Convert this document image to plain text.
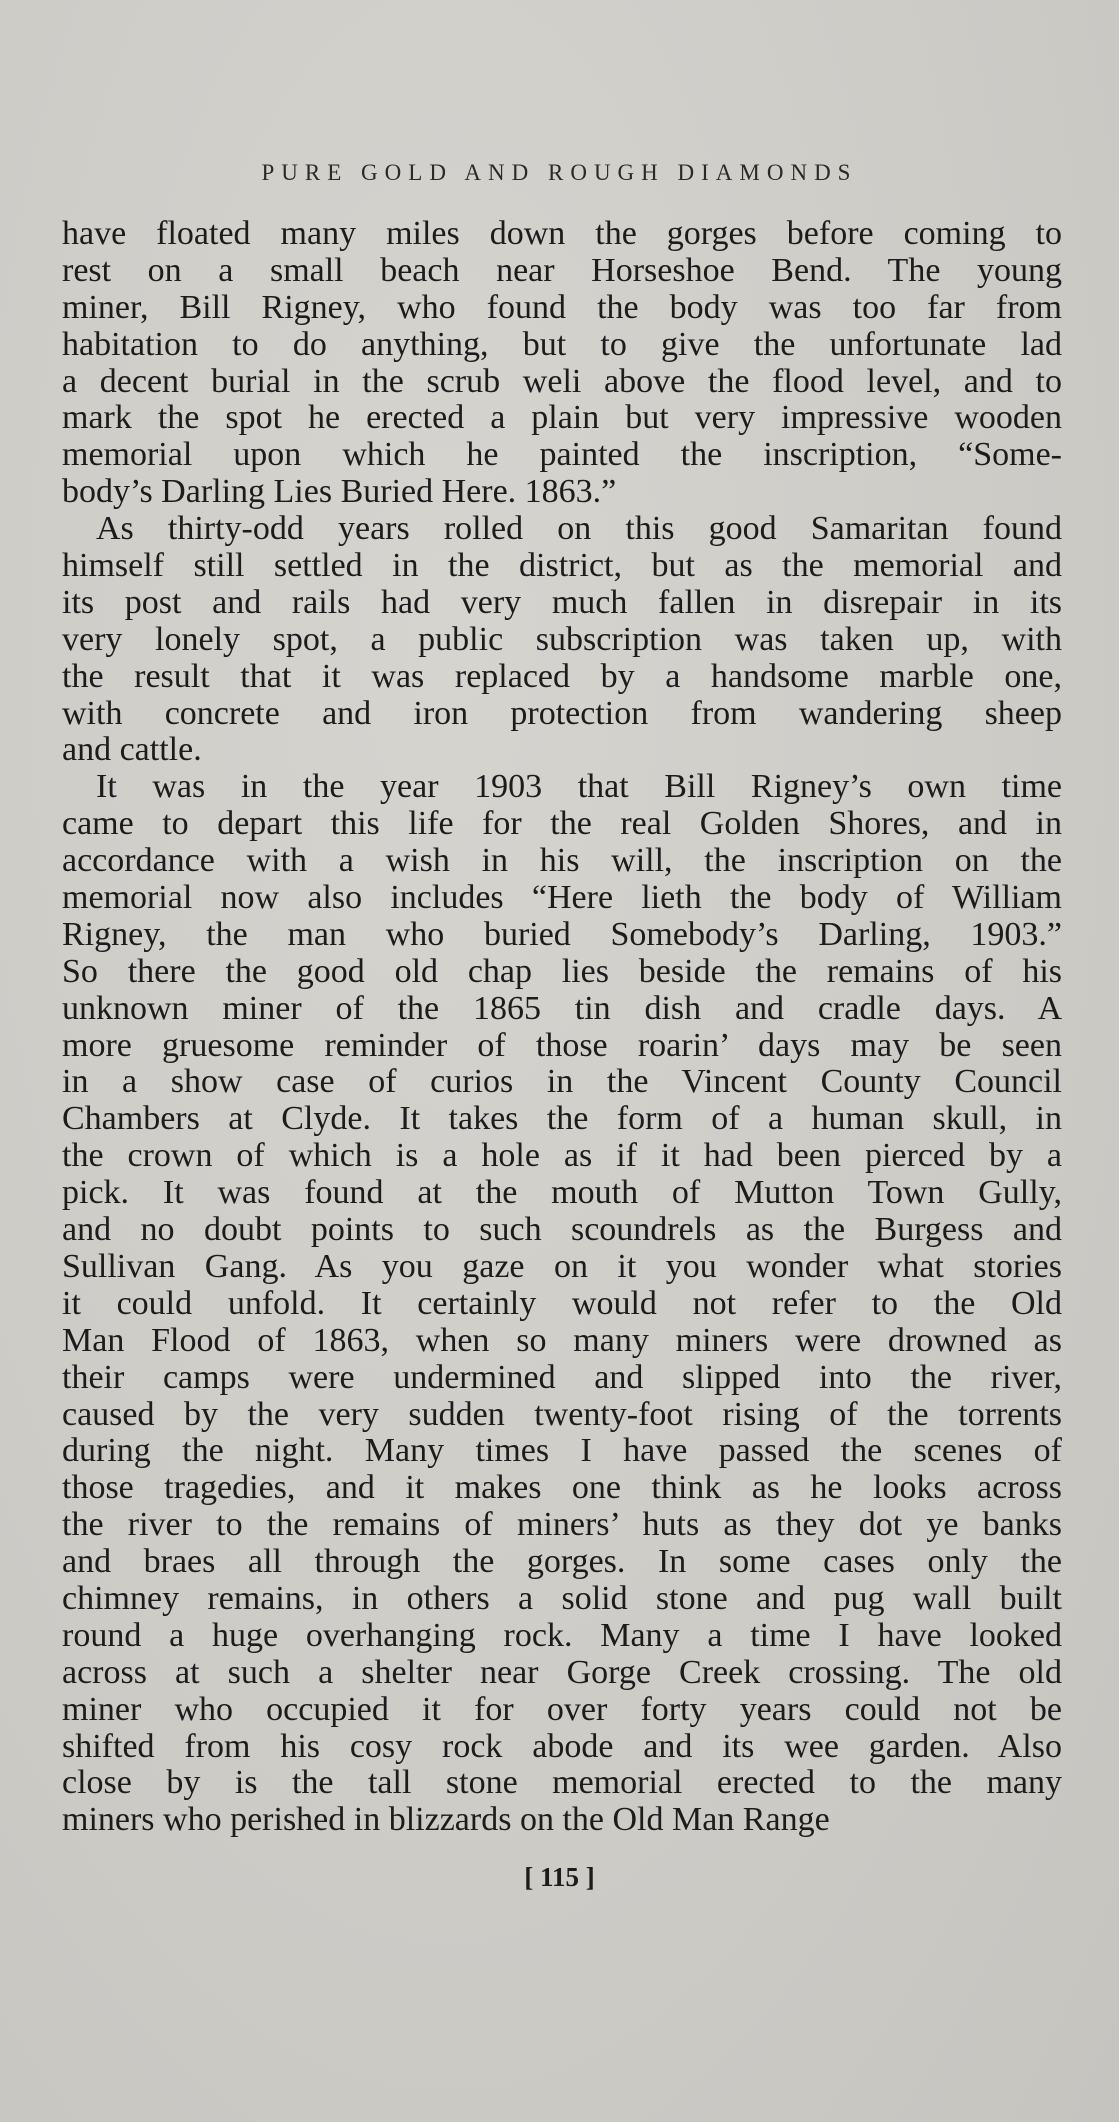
PURE GOLD AND ROUGH DIAMONDS
have floated many miles down the gorges before coming to
rest on a small beach near Horseshoe Bend. The young
miner, Bill Rigney, who found the body was too far from
habitation to do anything, but to give the unfortunate lad
a decent burial in the scrub weli above the flood level, and to
mark the spot he erected a plain but very impressive wooden
memorial upon which he painted the inscription, “Some-
body’s Darling Lies Buried Here. 1863.”
As thirty-odd years rolled on this good Samaritan found
himself still settled in the district, but as the memorial and
its post and rails had very much fallen in disrepair in its
very lonely spot, a public subscription was taken up, with
the result that it was replaced by a handsome marble one,
with concrete and iron protection from wandering sheep
and cattle.
It was in the year 1903 that Bill Rigney’s own time
came to depart this life for the real Golden Shores, and in
accordance with a wish in his will, the inscription on the
memorial now also includes “Here lieth the body of William
Rigney, the man who buried Somebody’s Darling, 1903.”
So there the good old chap lies beside the remains of his
unknown miner of the 1865 tin dish and cradle days. A
more gruesome reminder of those roarin’ days may be seen
in a show case of curios in the Vincent County Council
Chambers at Clyde. It takes the form of a human skull, in
the crown of which is a hole as if it had been pierced by a
pick. It was found at the mouth of Mutton Town Gully,
and no doubt points to such scoundrels as the Burgess and
Sullivan Gang. As you gaze on it you wonder what stories
it could unfold. It certainly would not refer to the Old
Man Flood of 1863, when so many miners were drowned as
their camps were undermined and slipped into the river,
caused by the very sudden twenty-foot rising of the torrents
during the night. Many times I have passed the scenes of
those tragedies, and it makes one think as he looks across
the river to the remains of miners’ huts as they dot ye banks
and braes all through the gorges. In some cases only the
chimney remains, in others a solid stone and pug wall built
round a huge overhanging rock. Many a time I have looked
across at such a shelter near Gorge Creek crossing. The old
miner who occupied it for over forty years could not be
shifted from his cosy rock abode and its wee garden. Also
close by is the tall stone memorial erected to the many
miners who perished in blizzards on the Old Man Range
[ 115 ]
